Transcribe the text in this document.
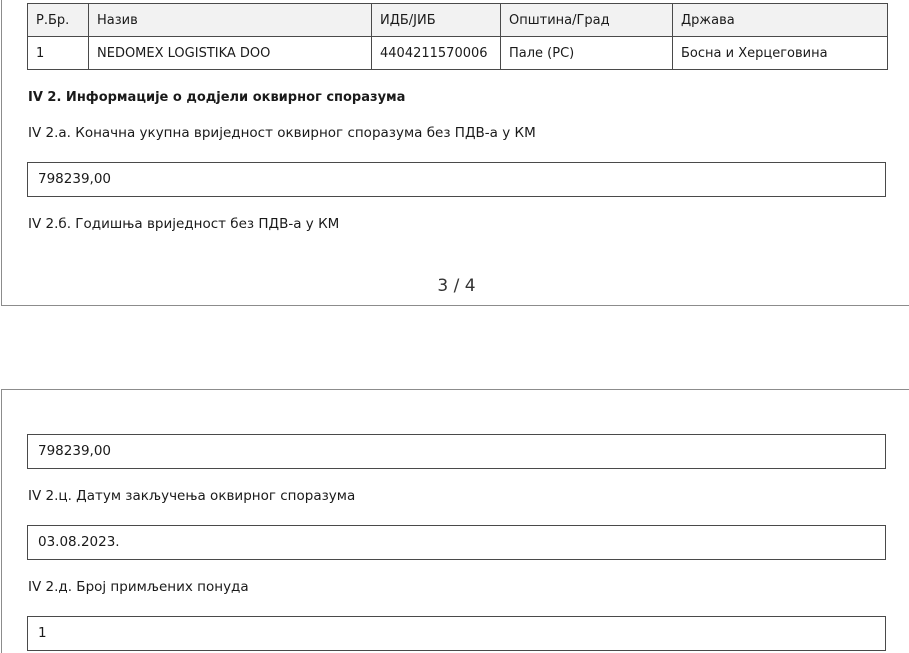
Р.Бр.	Назив	ИДБ/ЈИБ	Општина/Град	Држава
1	NEDOMEX LOGISTIKA DOO	4404211570006	Пале (РС)	Босна и Херцеговина
IV 2. Информације о додјели оквирног споразума
IV 2.а. Коначна укупна вриједност оквирног споразума без ПДВ-а у КМ
798239,00
IV 2.б. Годишња вриједност без ПДВ-а у КМ
3 / 4
798239,00
IV 2.ц. Датум закључења оквирног споразума
03.08.2023.
IV 2.д. Број примљених понуда
1
